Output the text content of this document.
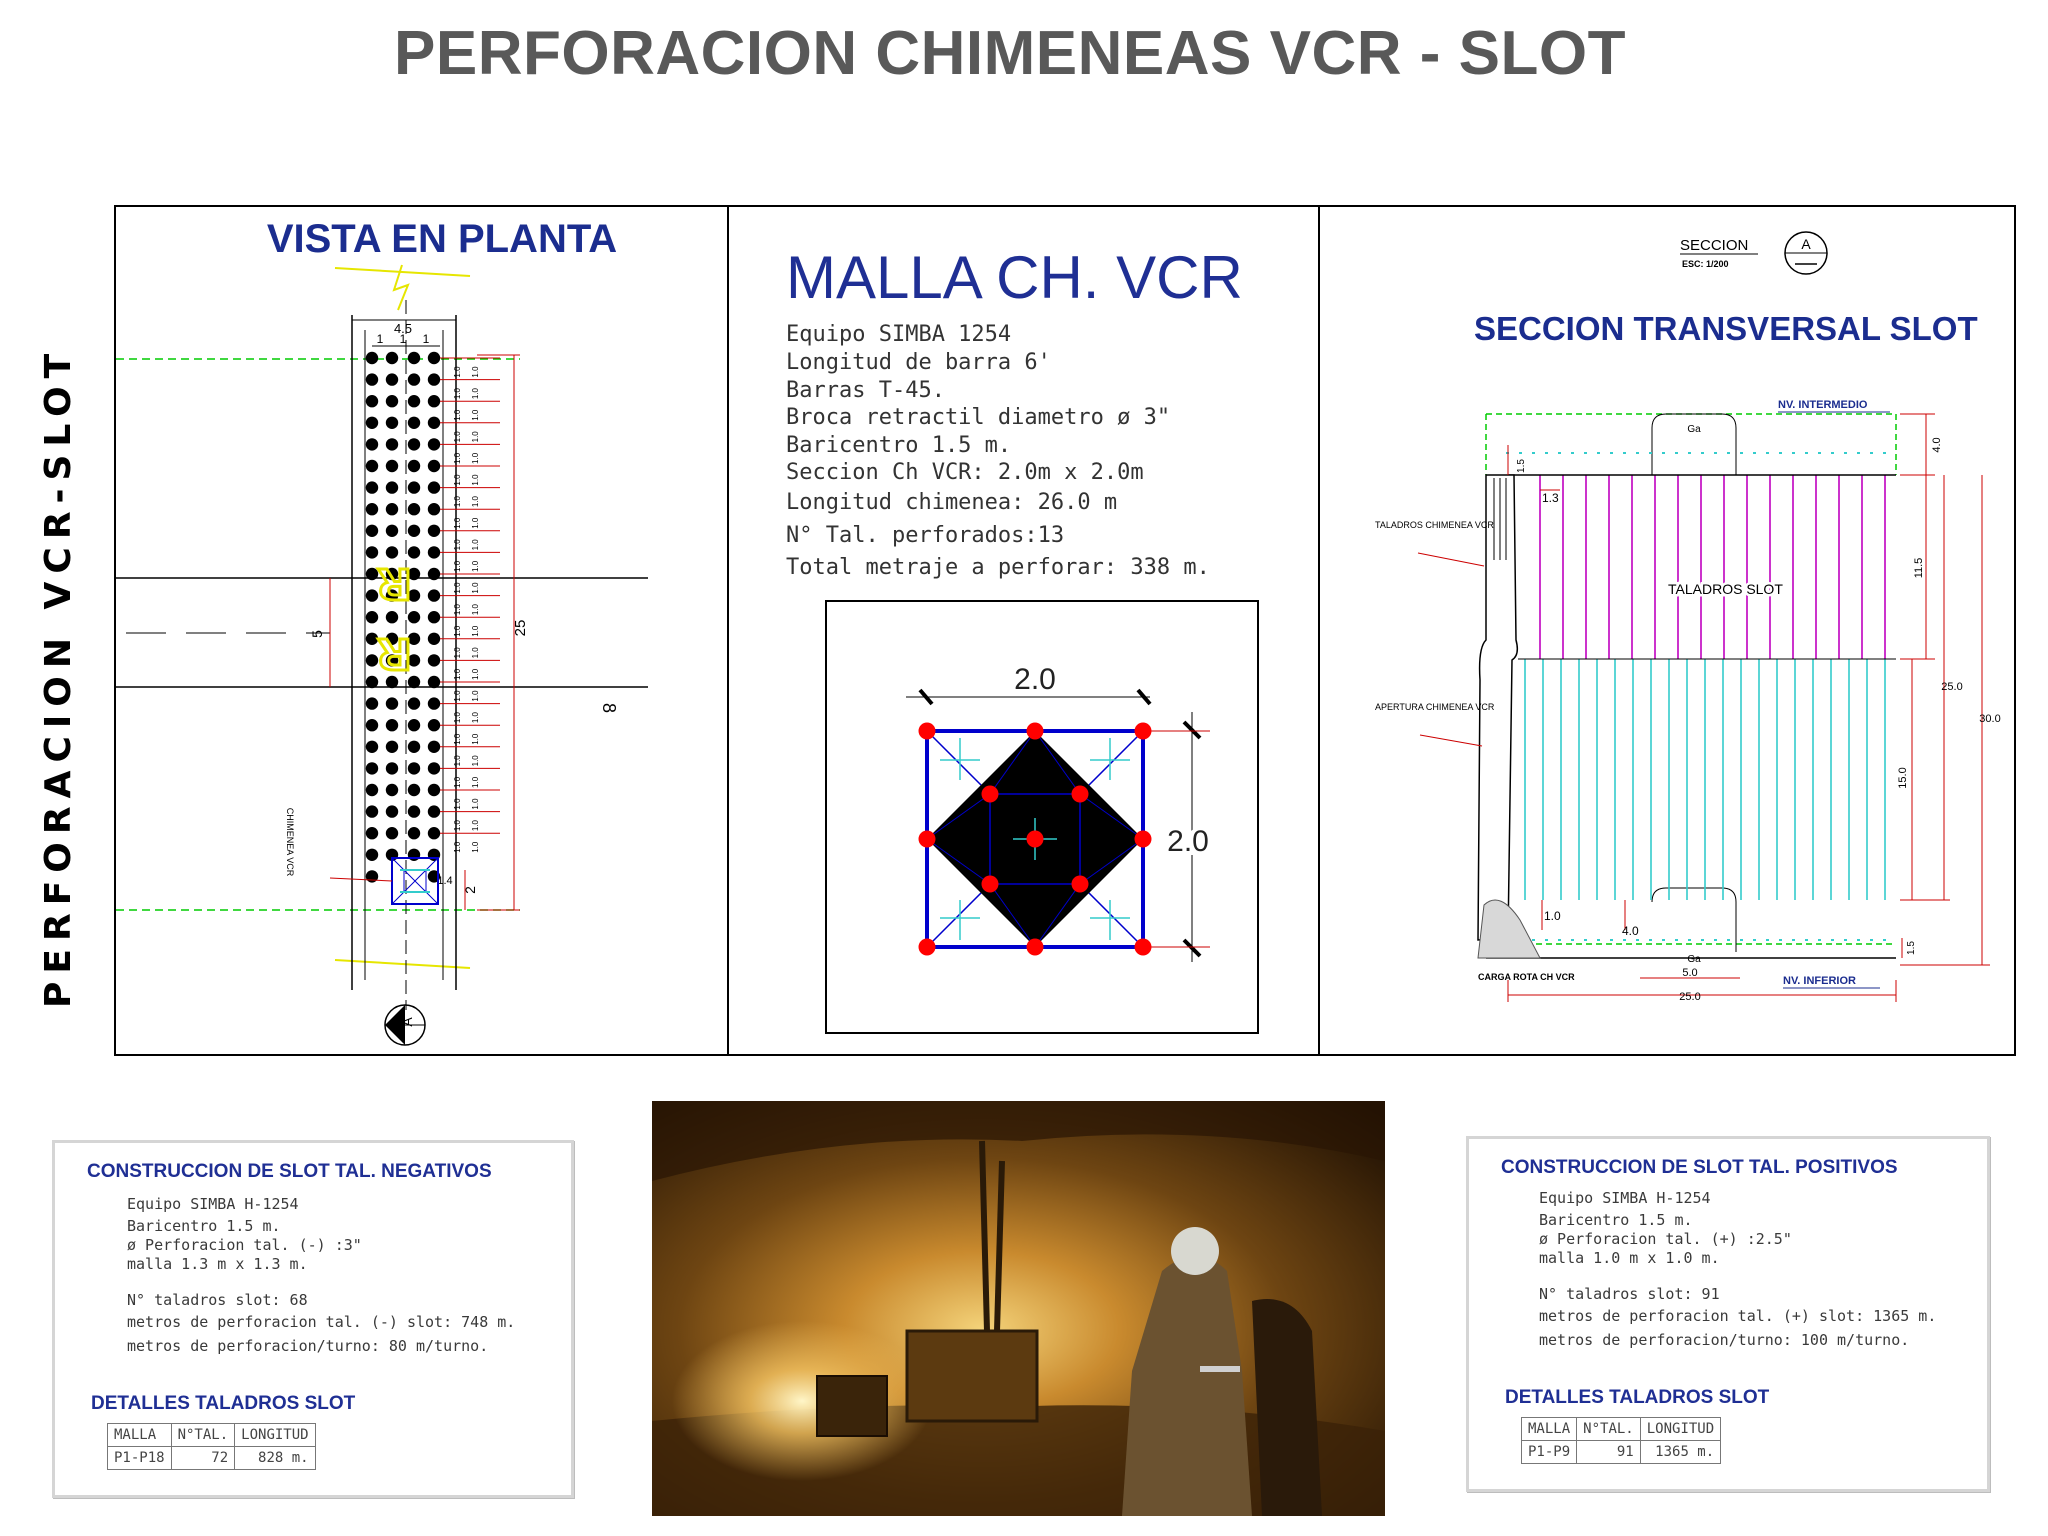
PERFORACION CHIMENEAS VCR - SLOT
PERFORACION VCR-SLOT
VISTA EN PLANTA
4.5
1 1 1
1.0 1.0
1.0 1.0
1.0 1.0
1.0 1.0
1.0 1.0
1.0 1.0
1.0 1.0
1.0 1.0
1.0 1.0
1.0 1.0
1.0 1.0
1.0 1.0
1.0 1.0
1.0 1.0
1.0 1.0
1.0 1.0
1.0 1.0
1.0 1.0
1.0 1.0
1.0 1.0
1.0 1.0
1.0 1.0
1.0 1.0
ᴚ
ᴚ	25
5
2
1.4
8
CHIMENEA VCR
A
MALLA CH. VCR
Equipo SIMBA 1254
Longitud de barra 6'
Barras T-45.
Broca retractil diametro ø 3"
Baricentro 1.5 m.
Seccion Ch VCR: 2.0m x 2.0m
Longitud chimenea: 26.0 m
N° Tal. perforados:13
Total metraje a perforar: 338 m.
2.0
2.0
SECCION
ESC: 1/200
A
SECCION TRANSVERSAL SLOT
NV. INTERMEDIO
NV. INFERIOR
Ga
Ga
TALADROS CHIMENEA VCR
APERTURA CHIMENEA VCR
TALADROS SLOT
CARGA ROTA CH VCR
1.5
1.3
4.0
11.5
25.0
30.0
15.0
1.0
4.0
1.5
5.0
25.0
CONSTRUCCION DE SLOT TAL. NEGATIVOS
Equipo SIMBA H-1254
Baricentro 1.5 m.
ø Perforacion tal. (-) :3"
malla 1.3 m x 1.3 m.
N° taladros slot: 68
metros de perforacion tal. (-) slot: 748 m.
metros de perforacion/turno: 80 m/turno.
DETALLES TALADROS SLOT
MALLA	N°TAL.	LONGITUD
P1-P18	72	828 m.
CONSTRUCCION DE SLOT TAL. POSITIVOS
Equipo SIMBA H-1254
Baricentro 1.5 m.
ø Perforacion tal. (+) :2.5"
malla 1.0 m x 1.0 m.
N° taladros slot: 91
metros de perforacion tal. (+) slot: 1365 m.
metros de perforacion/turno: 100 m/turno.
DETALLES TALADROS SLOT
MALLA	N°TAL.	LONGITUD
P1-P9	91	1365 m.
